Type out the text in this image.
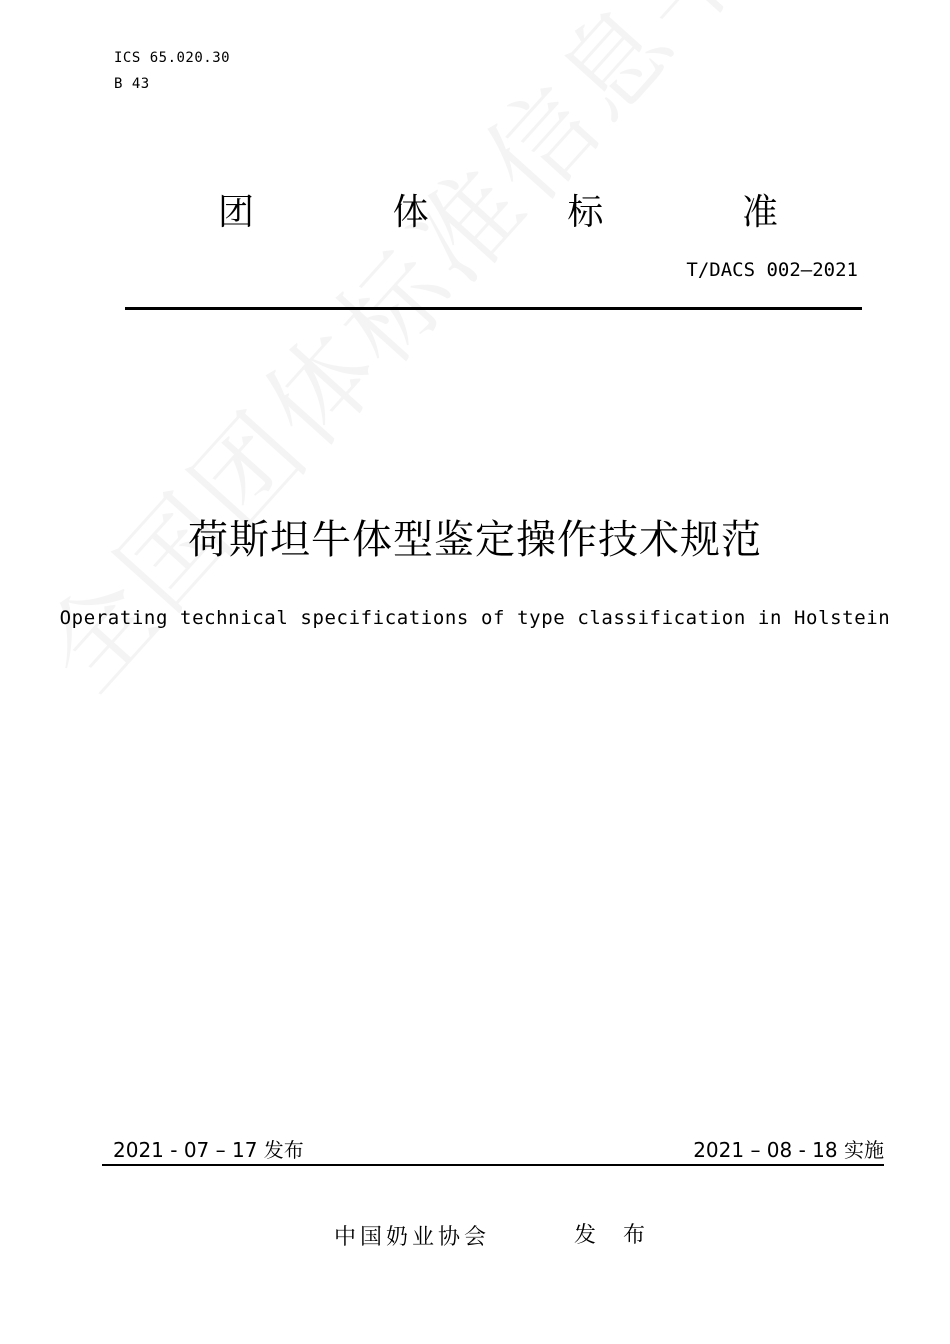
ICS 65.020.30
B 43
团	体	标	准
T/DACS 002—2021
荷斯坦牛体型鉴定操作技术规范
Operating technical specifications of type classification in Holstein
2021 - 07 – 17 发布	2021 – 08 - 18 实施
中国奶业协会	发 布
